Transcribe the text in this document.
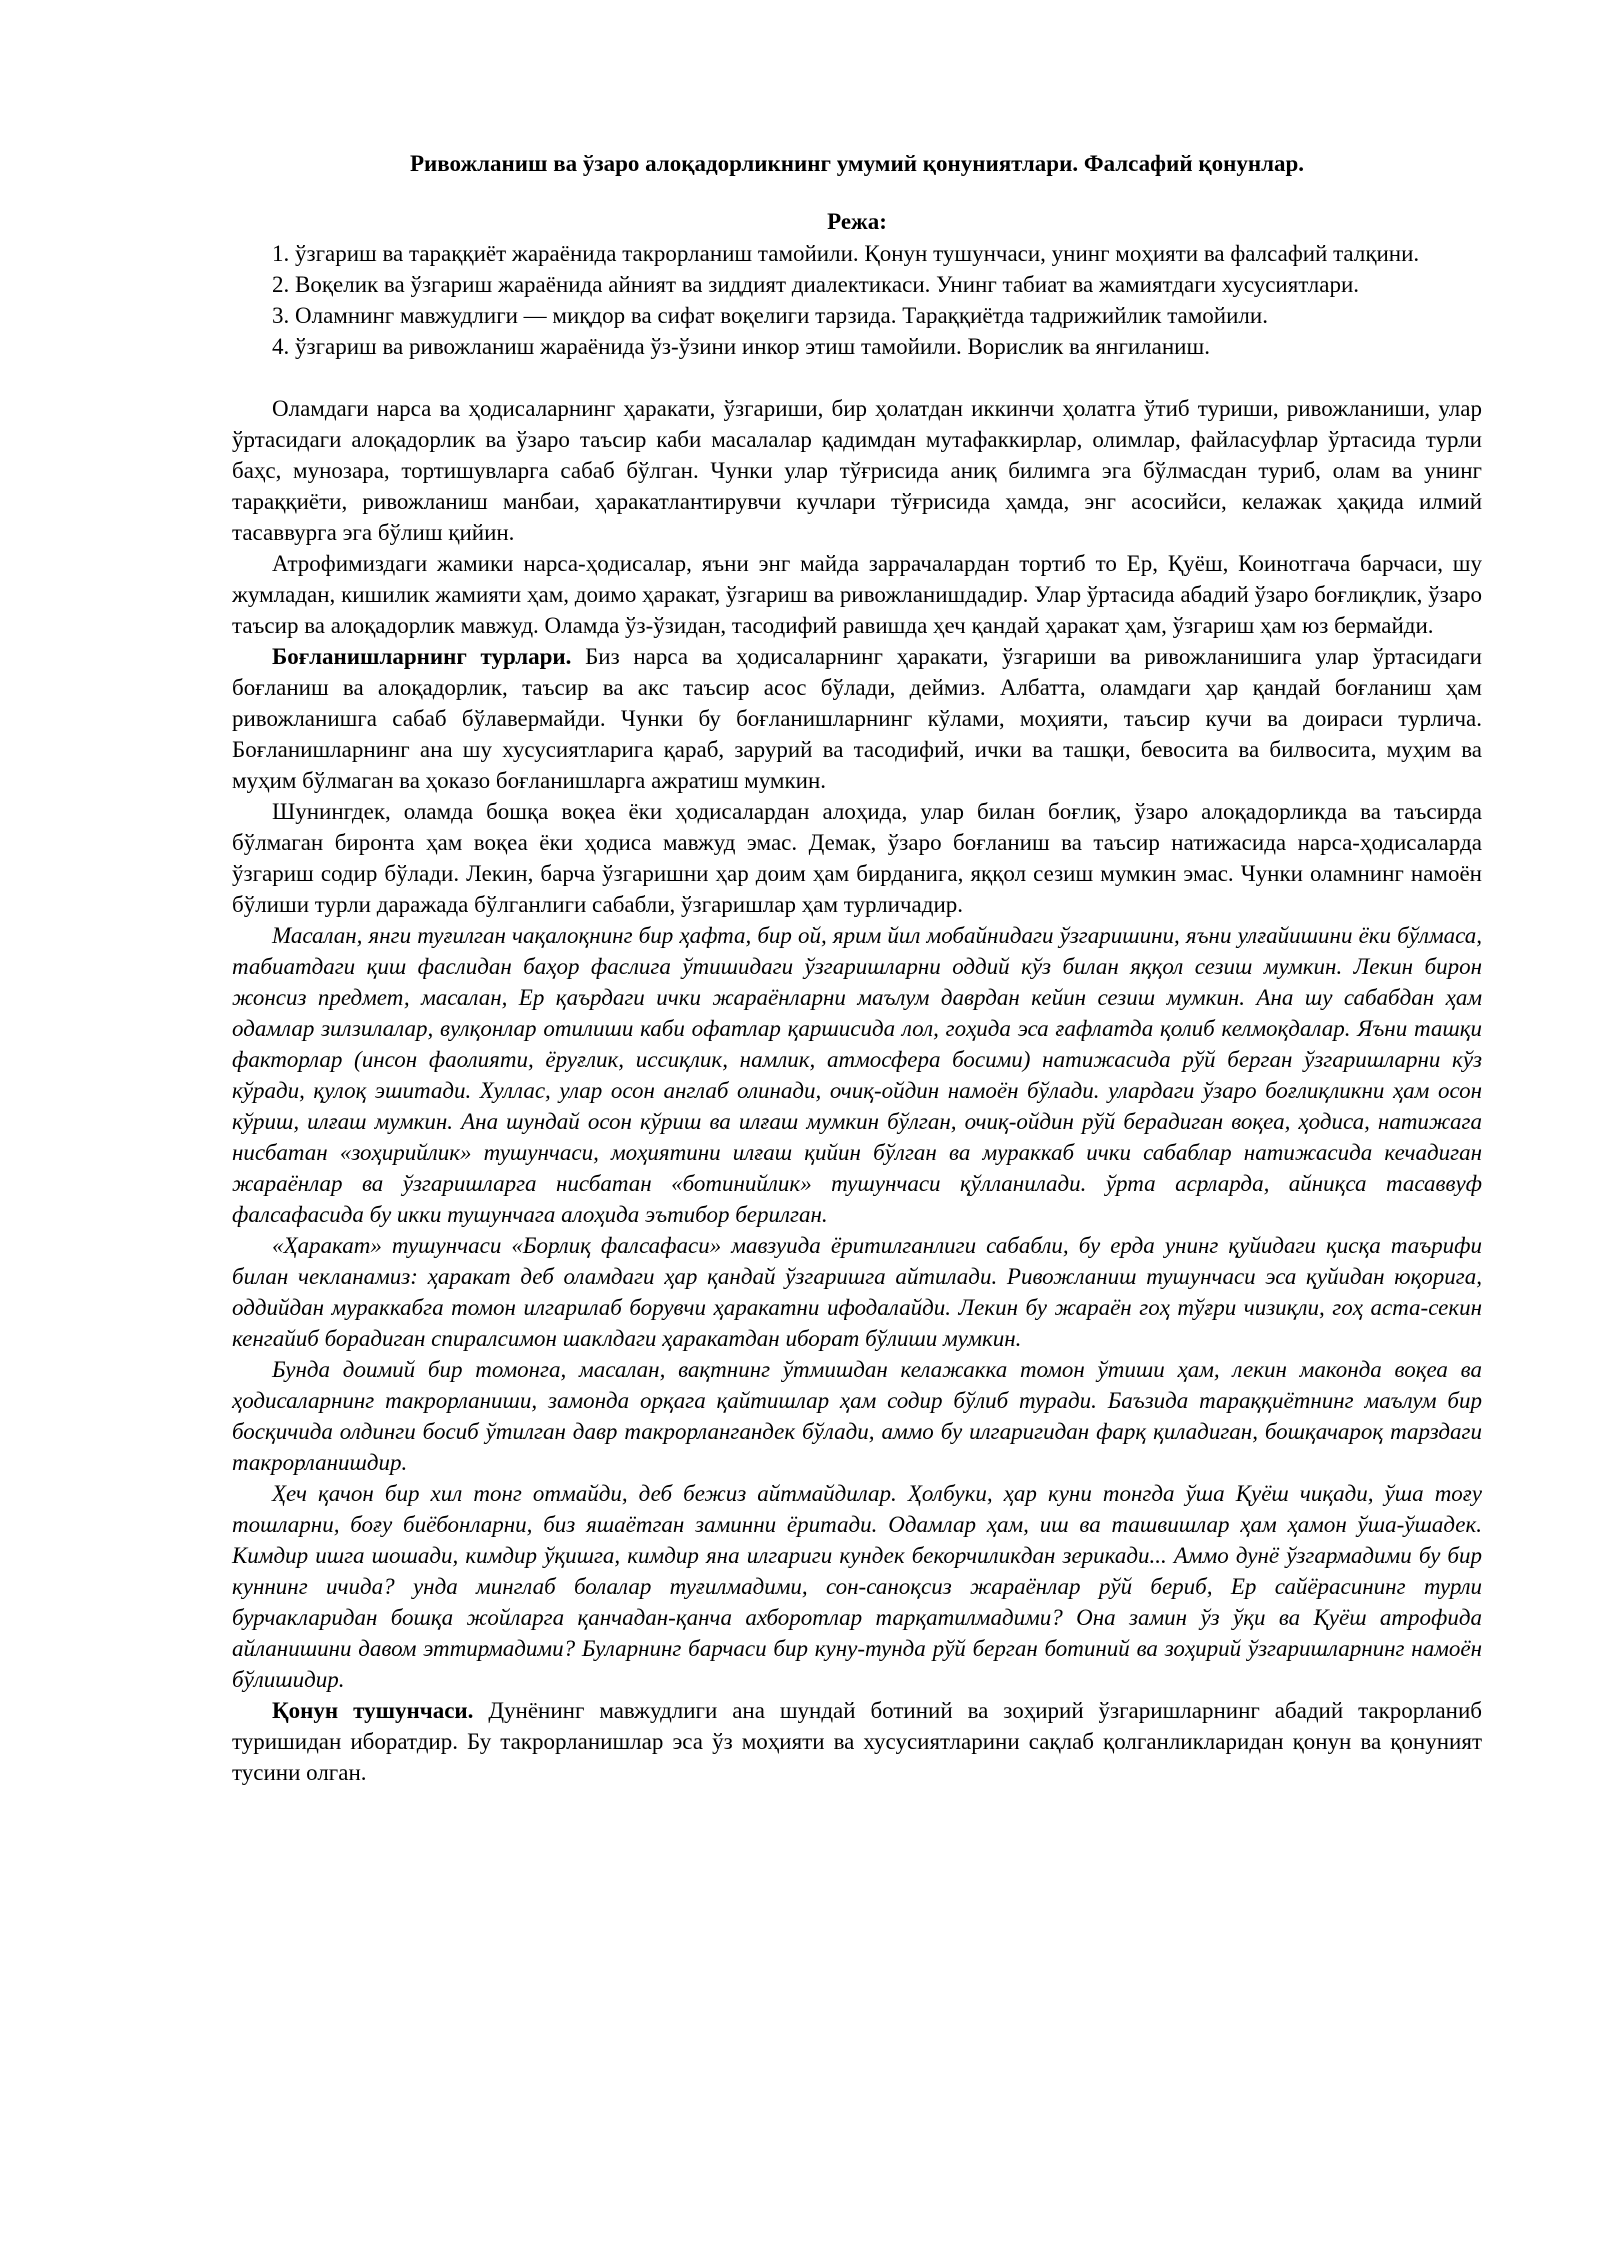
Ривожланиш ва ўзаро алоқадорликнинг умумий қонуниятлари. Фалсафий қонунлар.
Режа:

1. ўзгариш ва тараққиёт жараёнида такрорланиш тамойили. Қонун тушунчаси, унинг моҳияти ва фалсафий талқини.

2. Воқелик ва ўзгариш жараёнида айният ва зиддият диалектикаси. Унинг табиат ва жамиятдаги хусусиятлари.

3. Оламнинг мавжудлиги — миқдор ва сифат воқелиги тарзида. Тараққиётда тадрижийлик тамойили.

4. ўзгариш ва ривожланиш жараёнида ўз-ўзини инкор этиш тамойили. Ворислик ва янгиланиш.

Оламдаги нарса ва ҳодисаларнинг ҳаракати, ўзгариши, бир ҳолатдан иккинчи ҳолатга ўтиб туриши, ривожланиши, улар ўртасидаги алоқадорлик ва ўзаро таъсир каби масалалар қадимдан мутафаккирлар, олимлар, файласуфлар ўртасида турли баҳс, мунозара, тортишувларга сабаб бўлган. Чунки улар тўғрисида аниқ билимга эга бўлмасдан туриб, олам ва унинг тараққиёти, ривожланиш манбаи, ҳаракатлантирувчи кучлари тўғрисида ҳамда, энг асосийси, келажак ҳақида илмий тасаввурга эга бўлиш қийин.

Атрофимиздаги жамики нарса-ҳодисалар, яъни энг майда заррачалардан тортиб то Ер, Қуёш, Коинотгача барчаси, шу жумладан, кишилик жамияти ҳам, доимо ҳаракат, ўзгариш ва ривожланишдадир. Улар ўртасида абадий ўзаро боғлиқлик, ўзаро таъсир ва алоқадорлик мавжуд. Оламда ўз-ўзидан, тасодифий равишда ҳеч қандай ҳаракат ҳам, ўзгариш ҳам юз бермайди.

Боғланишларнинг турлари. Биз нарса ва ҳодисаларнинг ҳаракати, ўзгариши ва ривожланишига улар ўртасидаги боғланиш ва алоқадорлик, таъсир ва акс таъсир асос бўлади, деймиз. Албатта, оламдаги ҳар қандай боғланиш ҳам ривожланишга сабаб бўлавермайди. Чунки бу боғланишларнинг кўлами, моҳияти, таъсир кучи ва доираси турлича. Боғланишларнинг ана шу хусусиятларига қараб, зарурий ва тасодифий, ички ва ташқи, бевосита ва билвосита, муҳим ва муҳим бўлмаган ва ҳоказо боғланишларга ажратиш мумкин.

Шунингдек, оламда бошқа воқеа ёки ҳодисалардан алоҳида, улар билан боғлиқ, ўзаро алоқадорликда ва таъсирда бўлмаган биронта ҳам воқеа ёки ҳодиса мавжуд эмас. Демак, ўзаро боғланиш ва таъсир натижасида нарса-ҳодисаларда ўзгариш содир бўлади. Лекин, барча ўзгаришни ҳар доим ҳам бирданига, яққол сезиш мумкин эмас. Чунки оламнинг намоён бўлиши турли даражада бўлганлиги сабабли, ўзгаришлар ҳам турличадир.

Масалан, янги туғилган чақалоқнинг бир ҳафта, бир ой, ярим йил мобайнидаги ўзгаришини, яъни улғайишини ёки бўлмаса, табиатдаги қиш фаслидан баҳор фаслига ўтишидаги ўзгаришларни оддий кўз билан яққол сезиш мумкин. Лекин бирон жонсиз предмет, масалан, Ер қаърдаги ички жараёнларни маълум даврдан кейин сезиш мумкин. Ана шу сабабдан ҳам одамлар зилзилалар, вулқонлар отилиши каби офатлар қаршисида лол, гоҳида эса ғафлатда қолиб келмоқдалар. Яъни ташқи факторлар (инсон фаолияти, ёруғлик, иссиқлик, намлик, атмосфера босими) натижасида рўй берган ўзгаришларни кўз кўради, қулоқ эшитади. Хуллас, улар осон англаб олинади, очиқ-ойдин намоён бўлади. улардаги ўзаро боғлиқликни ҳам осон кўриш, илғаш мумкин. Ана шундай осон кўриш ва илғаш мумкин бўлган, очиқ-ойдин рўй берадиган воқеа, ҳодиса, натижага нисбатан «зоҳирийлик» тушунчаси, моҳиятини илғаш қийин бўлган ва мураккаб ички сабаблар натижасида кечадиган жараёнлар ва ўзгаришларга нисбатан «ботинийлик» тушунчаси қўлланилади. ўрта асрларда, айниқса тасаввуф фалсафасида бу икки тушунчага алоҳида эътибор берилган.

«Ҳаракат» тушунчаси «Борлиқ фалсафаси» мавзуида ёритилганлиги сабабли, бу ерда унинг қуйидаги қисқа таърифи билан чекланамиз: ҳаракат деб оламдаги ҳар қандай ўзгаришга айтилади. Ривожланиш тушунчаси эса қуйидан юқорига, оддийдан мураккабга томон илгарилаб борувчи ҳаракатни ифодалайди. Лекин бу жараён гоҳ тўғри чизиқли, гоҳ аста-секин кенгайиб борадиган спиралсимон шаклдаги ҳаракатдан иборат бўлиши мумкин.

Бунда доимий бир томонга, масалан, вақтнинг ўтмишдан келажакка томон ўтиши ҳам, лекин маконда воқеа ва ҳодисаларнинг такрорланиши, замонда орқага қайтишлар ҳам содир бўлиб туради. Баъзида тараққиётнинг маълум бир босқичида олдинги босиб ўтилган давр такрорлангандек бўлади, аммо бу илгаригидан фарқ қиладиган, бошқачароқ тарздаги такрорланишдир.

Ҳеч қачон бир хил тонг отмайди, деб бежиз айтмайдилар. Ҳолбуки, ҳар куни тонгда ўша Қуёш чиқади, ўша тоғу тошларни, боғу биёбонларни, биз яшаётган заминни ёритади. Одамлар ҳам, иш ва ташвишлар ҳам ҳамон ўша-ўшадек. Кимдир ишга шошади, кимдир ўқишга, кимдир яна илгариги кундек бекорчиликдан зерикади... Аммо дунё ўзгармадими бу бир куннинг ичида? унда минглаб болалар туғилмадими, сон-саноқсиз жараёнлар рўй бериб, Ер сайёрасининг турли бурчакларидан бошқа жойларга қанчадан-қанча ахборотлар тарқатилмадими? Она замин ўз ўқи ва Қуёш атрофида айланишини давом эттирмадими? Буларнинг барчаси бир куну-тунда рўй берган ботиний ва зоҳирий ўзгаришларнинг намоён бўлишидир.

Қонун тушунчаси. Дунёнинг мавжудлиги ана шундай ботиний ва зоҳирий ўзгаришларнинг абадий такрорланиб туришидан иборатдир. Бу такрорланишлар эса ўз моҳияти ва хусусиятларини сақлаб қолганликларидан қонун ва қонуният тусини олган.
